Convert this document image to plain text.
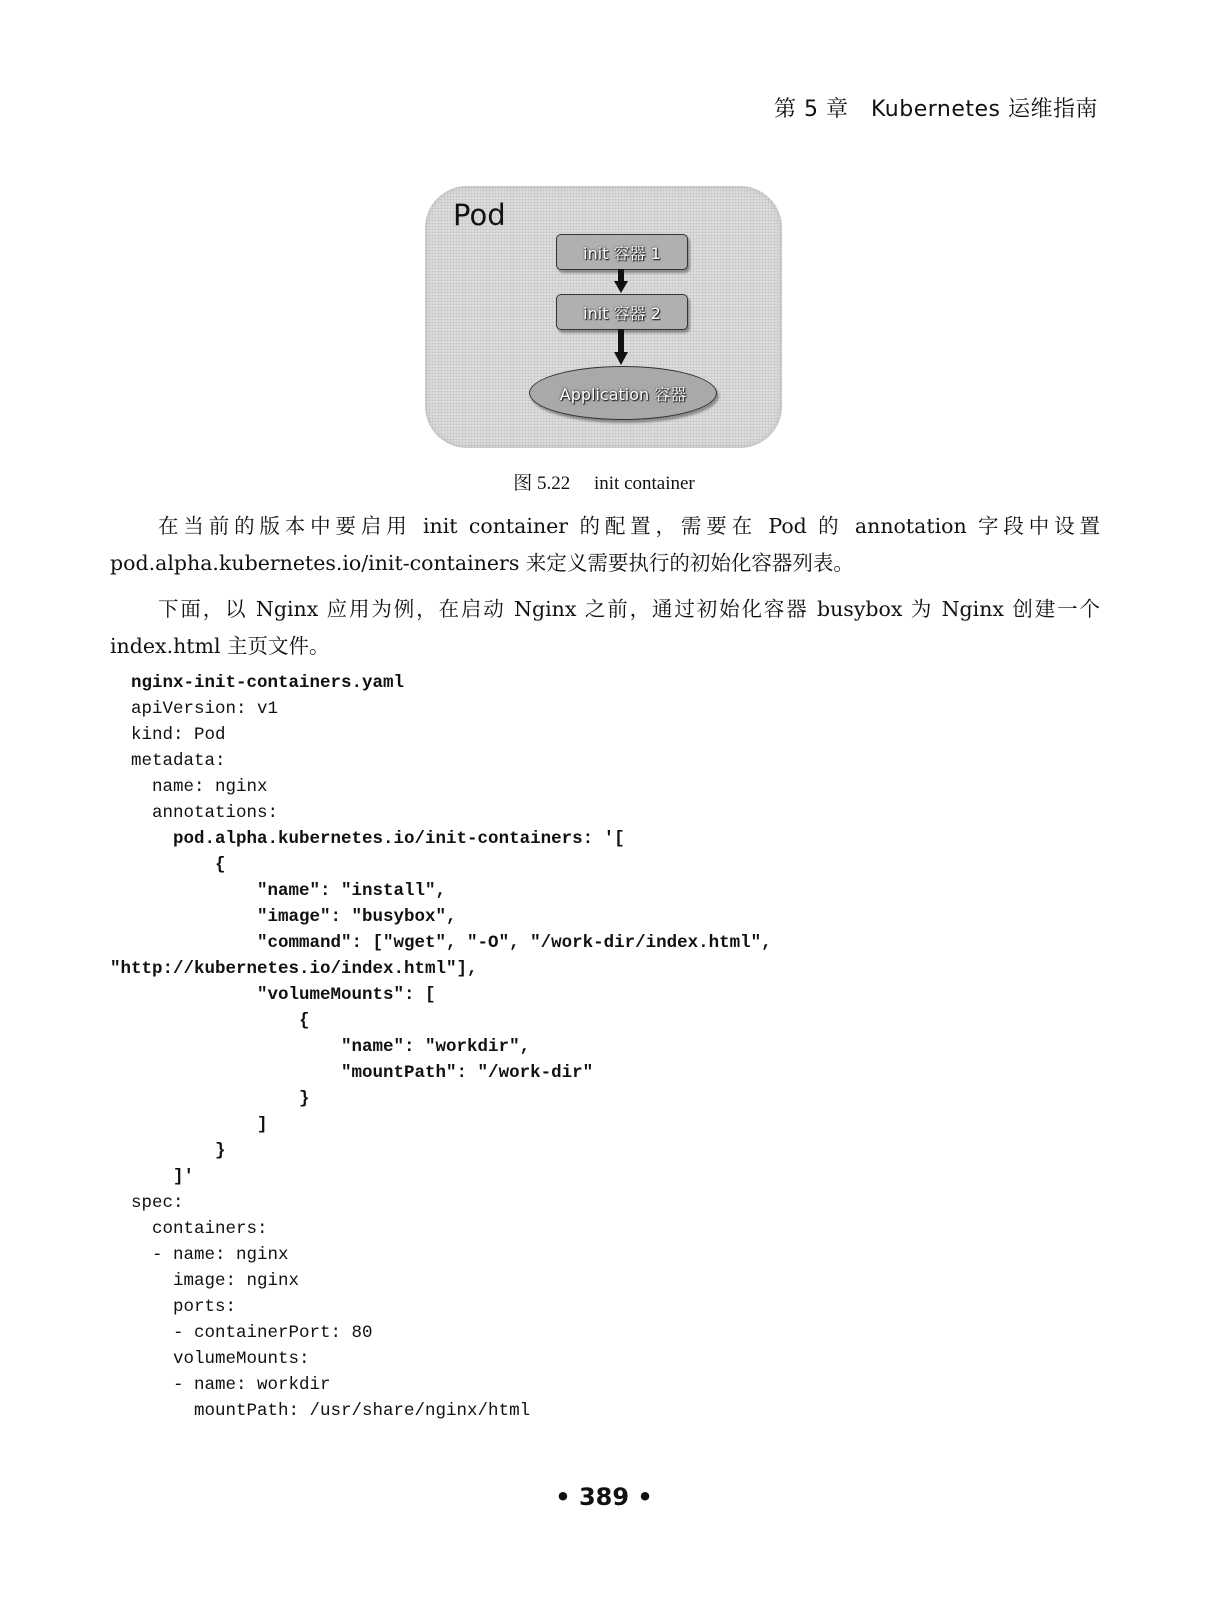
第 5 章　Kubernetes 运维指南
Pod
init 容器 1
init 容器 2
Application 容器
图 5.22　 init container

在当前的版本中要启用 init container 的配置，需要在 Pod 的 annotation 字段中设置 pod.alpha.kubernetes.io/init-containers 来定义需要执行的初始化容器列表。

下面，以 Nginx 应用为例，在启动 Nginx 之前，通过初始化容器 busybox 为 Nginx 创建一个 index.html 主页文件。

nginx-init-containers.yaml
apiVersion: v1
kind: Pod
metadata:
name: nginx
annotations:
pod.alpha.kubernetes.io/init-containers: '[
{
"name": "install",
"image": "busybox",
"command": ["wget", "-O", "/work-dir/index.html",
"http://kubernetes.io/index.html"],
"volumeMounts": [
{
"name": "workdir",
"mountPath": "/work-dir"
}
]
}
]'
spec:
containers:
- name: nginx
image: nginx
ports:
- containerPort: 80
volumeMounts:
- name: workdir
mountPath: /usr/share/nginx/html
• 389 •
